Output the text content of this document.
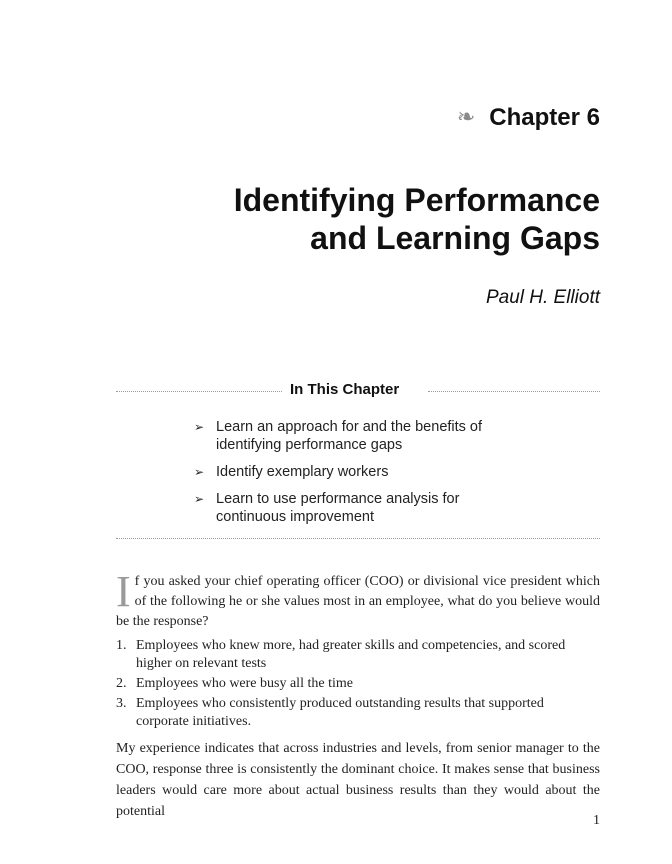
❧ Chapter 6
Identifying Performance
and Learning Gaps
Paul H. Elliott
In This Chapter
➢ Learn an approach for and the benefits of
identifying performance gaps
➢ Identify exemplary workers
➢ Learn to use performance analysis for
continuous improvement

If you asked your chief operating officer (COO) or divisional vice president which of the following he or she values most in an employee, what do you believe would be the response?

1. Employees who knew more, had greater skills and competencies, and scored higher on relevant tests
2. Employees who were busy all the time
3. Employees who consistently produced outstanding results that supported corporate initiatives.

My experience indicates that across industries and levels, from senior manager to the COO, response three is consistently the dominant choice. It makes sense that business leaders would care more about actual business results than they would about the potential

1
